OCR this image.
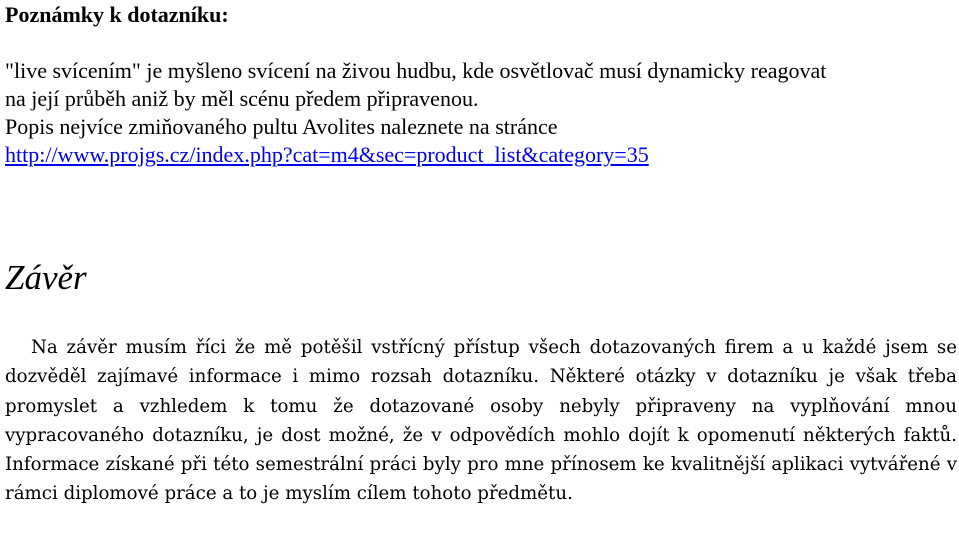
Poznámky k dotazníku:

"live svícením" je myšleno svícení na živou hudbu, kde osvětlovač musí dynamicky reagovat
na její průběh aniž by měl scénu předem připravenou.
Popis nejvíce zmiňovaného pultu Avolites naleznete na stránce
http://www.projgs.cz/index.php?cat=m4&sec=product_list&category=35

Závěr

Na závěr musím říci že mě potěšil vstřícný přístup všech dotazovaných firem a u každé jsem se dozvěděl zajímavé informace i mimo rozsah dotazníku. Některé otázky v dotazníku je však třeba promyslet a vzhledem k tomu že dotazované osoby nebyly připraveny na vyplňování mnou vypracovaného dotazníku, je dost možné, že v odpovědích mohlo dojít k opomenutí některých faktů. Informace získané při této semestrální práci byly pro mne přínosem ke kvalitnější aplikaci vytvářené v rámci diplomové práce a to je myslím cílem tohoto předmětu.
